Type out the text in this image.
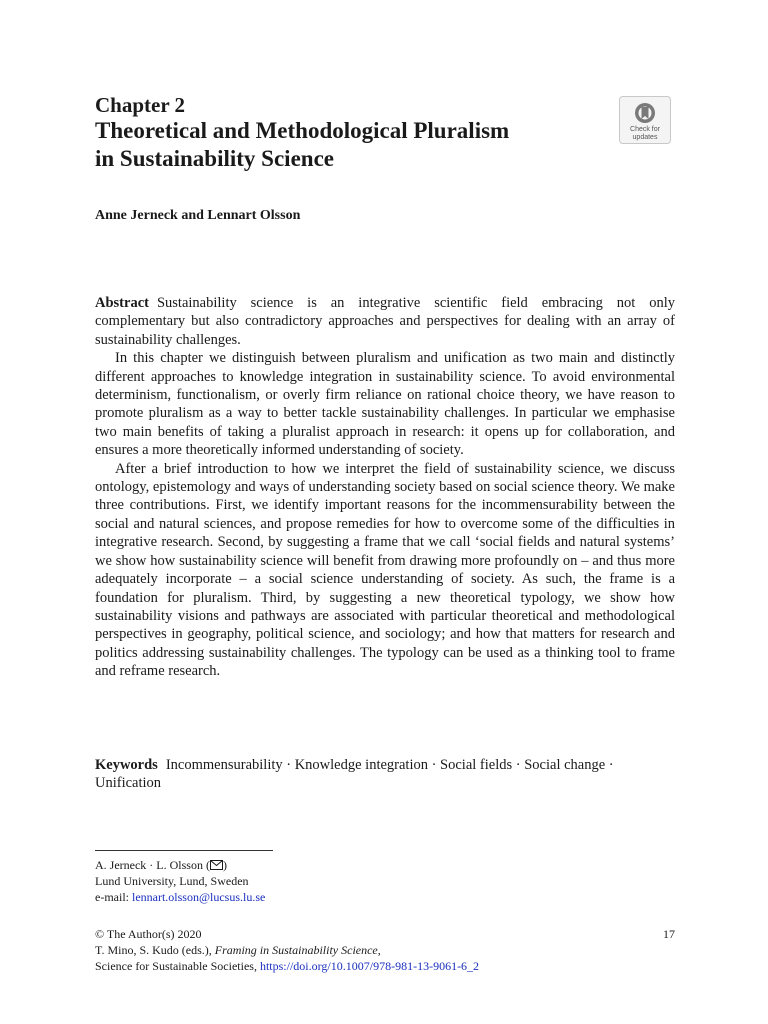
Chapter 2
Theoretical and Methodological Pluralism
in Sustainability Science
Check for
updates
Anne Jerneck and Lennart Olsson

Abstract Sustainability science is an integrative scientific field embracing not only complementary but also contradictory approaches and perspectives for dealing with an array of sustainability challenges.

In this chapter we distinguish between pluralism and unification as two main and distinctly different approaches to knowledge integration in sustainability science. To avoid environmental determinism, functionalism, or overly firm reliance on rational choice theory, we have reason to promote pluralism as a way to better tackle sustainability challenges. In particular we emphasise two main benefits of taking a pluralist approach in research: it opens up for collaboration, and ensures a more theoretically informed understanding of society.

After a brief introduction to how we interpret the field of sustainability science, we discuss ontology, epistemology and ways of understanding society based on social science theory. We make three contributions. First, we identify important reasons for the incommensurability between the social and natural sciences, and propose remedies for how to overcome some of the difficulties in integrative research. Second, by suggesting a frame that we call ‘social fields and natural systems’ we show how sustainability science will benefit from drawing more profoundly on – and thus more adequately incorporate – a social science understanding of society. As such, the frame is a foundation for pluralism. Third, by suggesting a new theoretical typology, we show how sustainability visions and pathways are associated with particular theoretical and methodological perspectives in geography, political science, and sociology; and how that matters for research and politics addressing sustainability challenges. The typology can be used as a thinking tool to frame and reframe research.

Keywords Incommensurability · Knowledge integration · Social fields · Social change · Unification
A. Jerneck · L. Olsson ( )
Lund University, Lund, Sweden
e-mail: lennart.olsson@lucsus.lu.se
17
© The Author(s) 2020
T. Mino, S. Kudo (eds.), Framing in Sustainability Science,
Science for Sustainable Societies, https://doi.org/10.1007/978-981-13-9061-6_2
